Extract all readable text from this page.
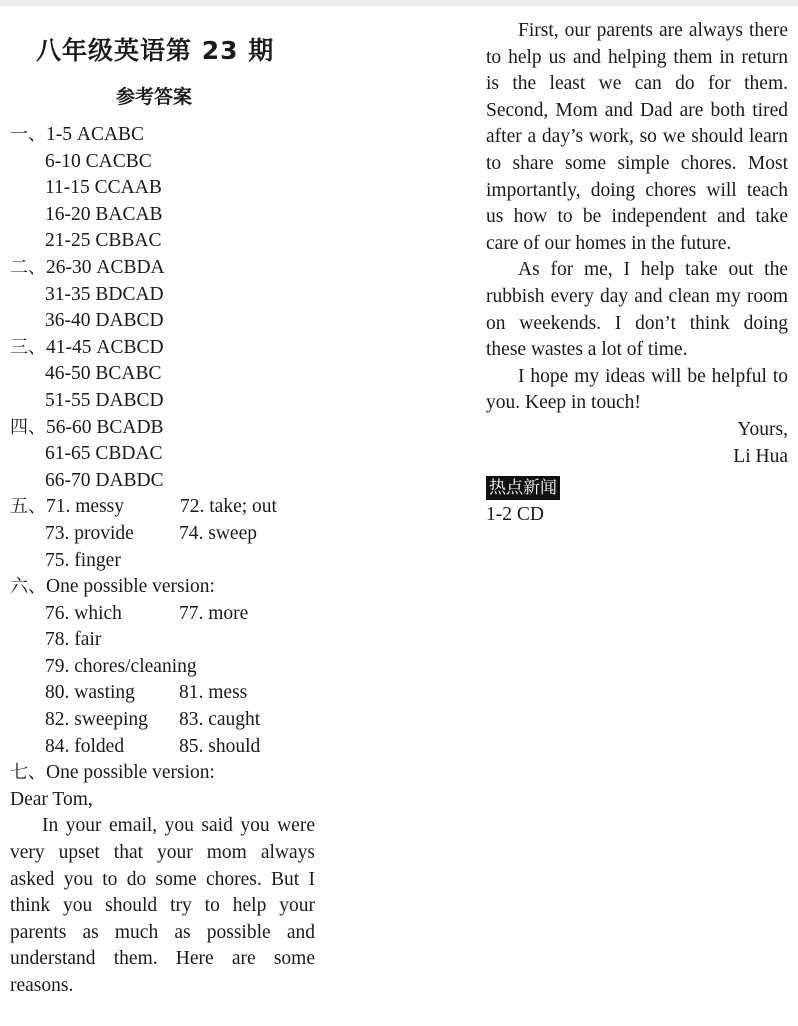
八年级英语第 23 期
参考答案
一、1-5 ACABC
6-10 CACBC
11-15 CCAAB
16-20 BACAB
21-25 CBBAC
二、26-30 ACBDA
31-35 BDCAD
36-40 DABCD
三、41-45 ACBCD
46-50 BCABC
51-55 DABCD
四、56-60 BCADB
61-65 CBDAC
66-70 DABDC
五、71. messy	72. take; out
73. provide 74. sweep
75. finger
六、One possible version:
76. which	77. more
78. fair
79. chores/cleaning
80. wasting 81. mess
82. sweeping 83. caught
84. folded	85. should
七、One possible version:
Dear Tom,

In your email, you said you were very upset that your mom always asked you to do some chores. But I think you should try to help your parents as much as possible and understand them. Here are some reasons.

First, our parents are always there to help us and helping them in return is the least we can do for them. Second, Mom and Dad are both tired after a day’s work, so we should learn to share some simple chores. Most importantly, doing chores will teach us how to be independent and take care of our homes in the future.

As for me, I help take out the rubbish every day and clean my room on weekends. I don’t think doing these wastes a lot of time.

I hope my ideas will be helpful to you. Keep in touch!

Yours,
Li Hua
热点新闻
1-2 CD
